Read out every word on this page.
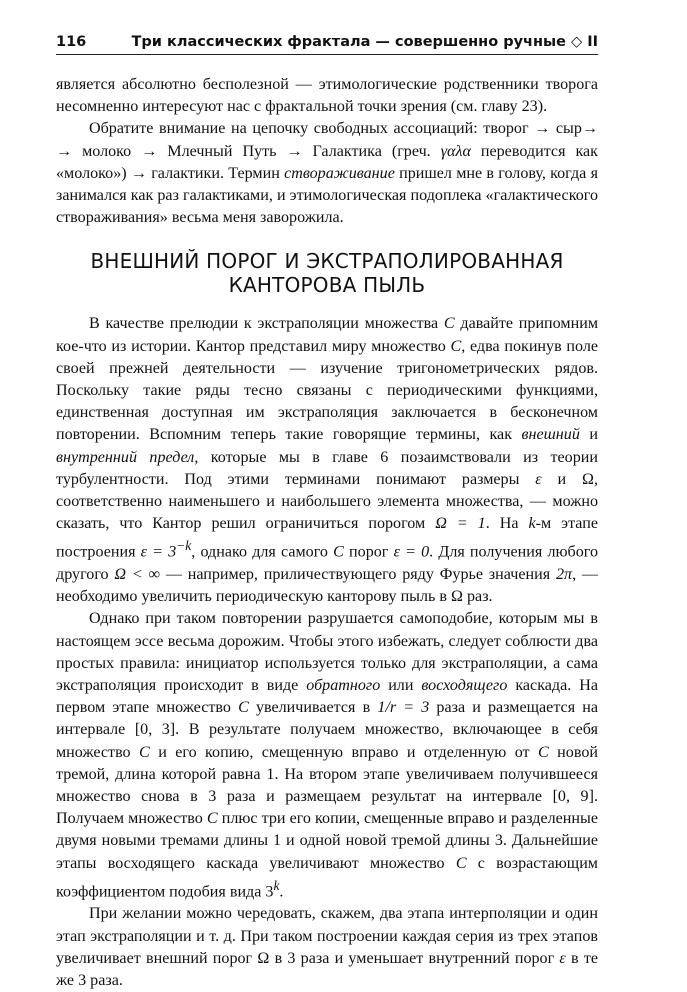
116	Три классических фрактала — совершенно ручные ◇ II

является абсолютно бесполезной — этимологические родственники творога несомненно интересуют нас с фрактальной точки зрения (см. главу 23).

Обратите внимание на цепочку свободных ассоциаций: творог → сыр→ → молоко → Млечный Путь → Галактика (греч. γαλα переводится как «молоко») → галактики. Термин створаживание пришел мне в голову, когда я занимался как раз галактиками, и этимологическая подоплека «галактического створаживания» весьма меня заворожила.

ВНЕШНИЙ ПОРОГ И ЭКСТРАПОЛИРОВАННАЯ
КАНТОРОВА ПЫЛЬ

В качестве прелюдии к экстраполяции множества C давайте припомним кое-что из истории. Кантор представил миру множество C, едва покинув поле своей прежней деятельности — изучение тригонометрических рядов. Поскольку такие ряды тесно связаны с периодическими функциями, единственная доступная им экстраполяция заключается в бесконечном повторении. Вспомним теперь такие говорящие термины, как внешний и внутренний предел, которые мы в главе 6 позаимствовали из теории турбулентности. Под этими терминами понимают размеры ε и Ω, соответственно наименьшего и наибольшего элемента множества, — можно сказать, что Кантор решил ограничиться порогом Ω = 1. На k-м этапе построения $\varepsilon = 3^{-k}$, однако для самого C порог ε = 0. Для получения любого другого Ω < ∞ — например, приличествующего ряду Фурье значения 2π, — необходимо увеличить периодическую канторову пыль в Ω раз.

Однако при таком повторении разрушается самоподобие, которым мы в настоящем эссе весьма дорожим. Чтобы этого избежать, следует соблюсти два простых правила: инициатор используется только для экстраполяции, а сама экстраполяция происходит в виде обратного или восходящего каскада. На первом этапе множество C увеличивается в 1/r = 3 раза и размещается на интервале [0, 3]. В результате получаем множество, включающее в себя множество C и его копию, смещенную вправо и отделенную от C новой тремой, длина которой равна 1. На втором этапе увеличиваем получившееся множество снова в 3 раза и размещаем результат на интервале [0, 9]. Получаем множество C плюс три его копии, смещенные вправо и разделенные двумя новыми тремами длины 1 и одной новой тремой длины 3. Дальнейшие этапы восходящего каскада увеличивают множество C с возрастающим коэффициентом подобия вида 3$^k$.

При желании можно чередовать, скажем, два этапа интерполяции и один этап экстраполяции и т. д. При таком построении каждая серия из трех этапов увеличивает внешний порог Ω в 3 раза и уменьшает внутренний порог ε в те же 3 раза.
